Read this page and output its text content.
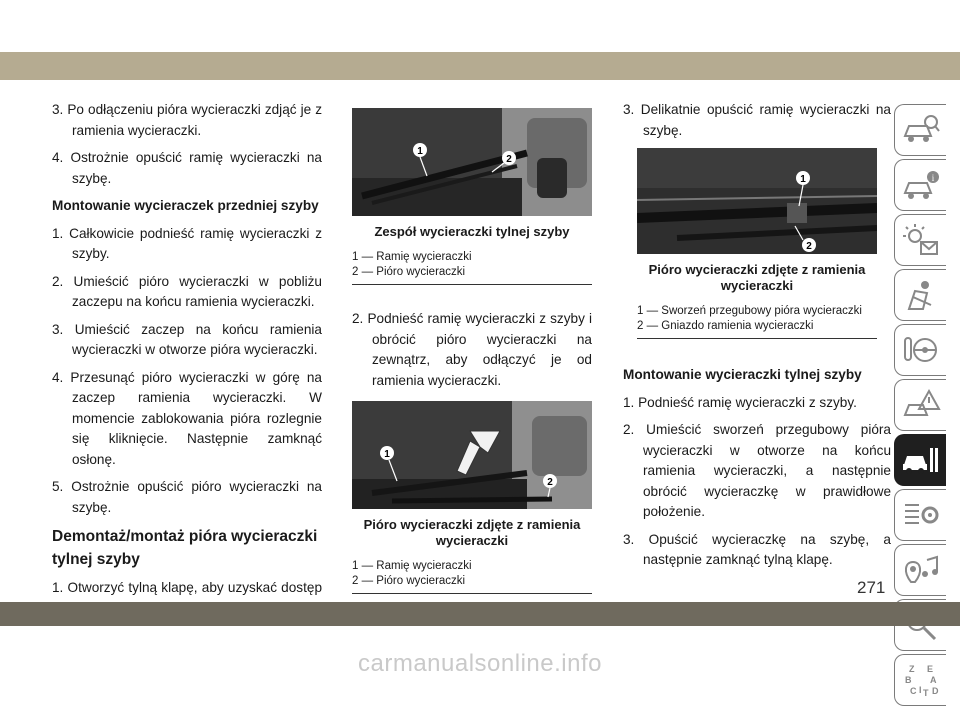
3. Po odłączeniu pióra wycieraczki zdjąć je z ramienia wycieraczki.

4. Ostrożnie opuścić ramię wycieraczki na szybę.

Montowanie wycieraczek przedniej szyby

1. Całkowicie podnieść ramię wycieraczki z szyby.

2. Umieścić pióro wycieraczki w pobliżu zaczepu na końcu ramienia wycieraczki.

3. Umieścić zaczep na końcu ramienia wycieraczki w otworze pióra wycieraczki.

4. Przesunąć pióro wycieraczki w górę na zaczep ramienia wycieraczki. W momencie zablokowania pióra rozlegnie się kliknięcie. Następnie zamknąć osłonę.

5. Ostrożnie opuścić pióro wycieraczki na szybę.

Demontaż/montaż pióra wycieraczki tylnej szyby

1. Otworzyć tylną klapę, aby uzyskać dostęp

1
2
Zespół wycieraczki tylnej szyby
1 — Ramię wycieraczki
2 — Pióro wycieraczki

2. Podnieść ramię wycieraczki z szyby i obrócić pióro wycieraczki na zewnątrz, aby odłączyć je od ramienia wycieraczki.

1
2
Pióro wycieraczki zdjęte z ramienia wycieraczki
1 — Ramię wycieraczki
2 — Pióro wycieraczki

3. Delikatnie opuścić ramię wycieraczki na szybę.

1
2
Pióro wycieraczki zdjęte z ramienia wycieraczki
1 — Sworzeń przegubowy pióra wycieraczki
2 — Gniazdo ramienia wycieraczki

Montowanie wycieraczki tylnej szyby

1. Podnieść ramię wycieraczki z szyby.

2. Umieścić sworzeń przegubowy pióra wycieraczki w otworze na końcu ramienia wycieraczki, a następnie obrócić wycieraczkę w prawidłowe położenie.

3. Opuścić wycieraczkę na szybę, a następnie zamknąć tylną klapę.

i
Z E
B A
C D
I T
271
carmanualsonline.info
